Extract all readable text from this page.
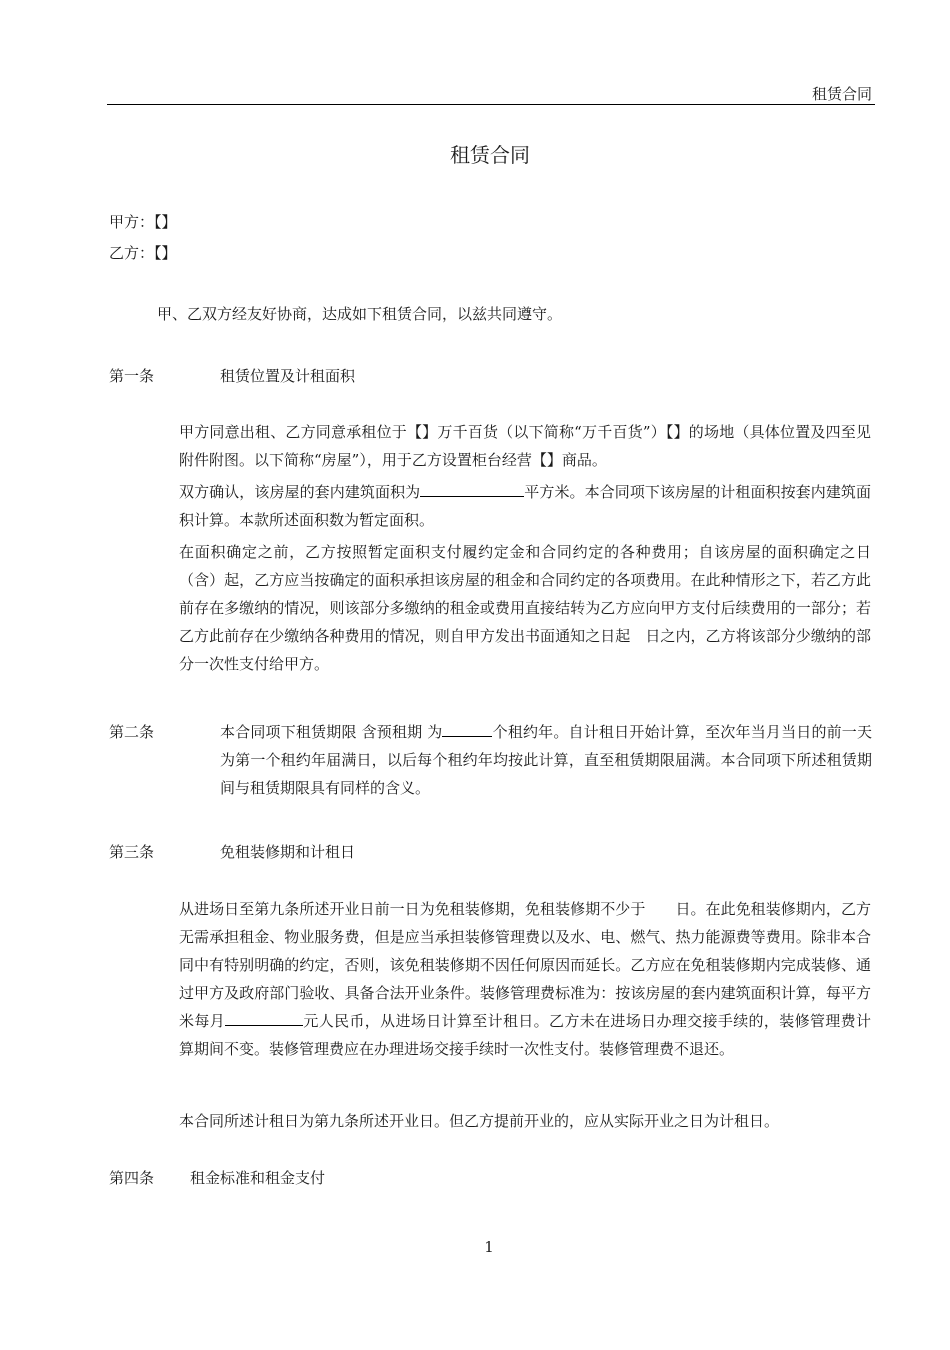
租赁合同
租赁合同
甲方：【】
乙方：【】
甲、乙双方经友好协商，达成如下租赁合同，以兹共同遵守。
第一条	租赁位置及计租面积
甲方同意出租、乙方同意承租位于【】万千百货（以下简称“万千百货”）【】的场地（具体位置及四至见附件附图。以下简称“房屋”），用于乙方设置柜台经营【】商品。
双方确认，该房屋的套内建筑面积为	平方米。本合同项下该房屋的计租面积按套内建筑面积计算。本款所述面积数为暂定面积。
在面积确定之前，乙方按照暂定面积支付履约定金和合同约定的各种费用；自该房屋的面积确定之日（含）起，乙方应当按确定的面积承担该房屋的租金和合同约定的各项费用。在此种情形之下，若乙方此前存在多缴纳的情况，则该部分多缴纳的租金或费用直接结转为乙方应向甲方支付后续费用的一部分；若乙方此前存在少缴纳各种费用的情况，则自甲方发出书面通知之日起　日之内，乙方将该部分少缴纳的部分一次性支付给甲方。
第二条	本合同项下租赁期限 含预租期 为	个租约年。自计租日开始计算，至次年当月当日的前一天为第一个租约年届满日，以后每个租约年均按此计算，直至租赁期限届满。本合同项下所述租赁期间与租赁期限具有同样的含义。
第三条	免租装修期和计租日
从进场日至第九条所述开业日前一日为免租装修期，免租装修期不少于　　日。在此免租装修期内，乙方无需承担租金、物业服务费，但是应当承担装修管理费以及水、电、燃气、热力能源费等费用。除非本合同中有特别明确的约定，否则，该免租装修期不因任何原因而延长。乙方应在免租装修期内完成装修、通过甲方及政府部门验收、具备合法开业条件。装修管理费标准为：按该房屋的套内建筑面积计算，每平方米每月	元人民币，从进场日计算至计租日。乙方未在进场日办理交接手续的，装修管理费计算期间不变。装修管理费应在办理进场交接手续时一次性支付。装修管理费不退还。
本合同所述计租日为第九条所述开业日。但乙方提前开业的，应从实际开业之日为计租日。
第四条 租金标准和租金支付
1
